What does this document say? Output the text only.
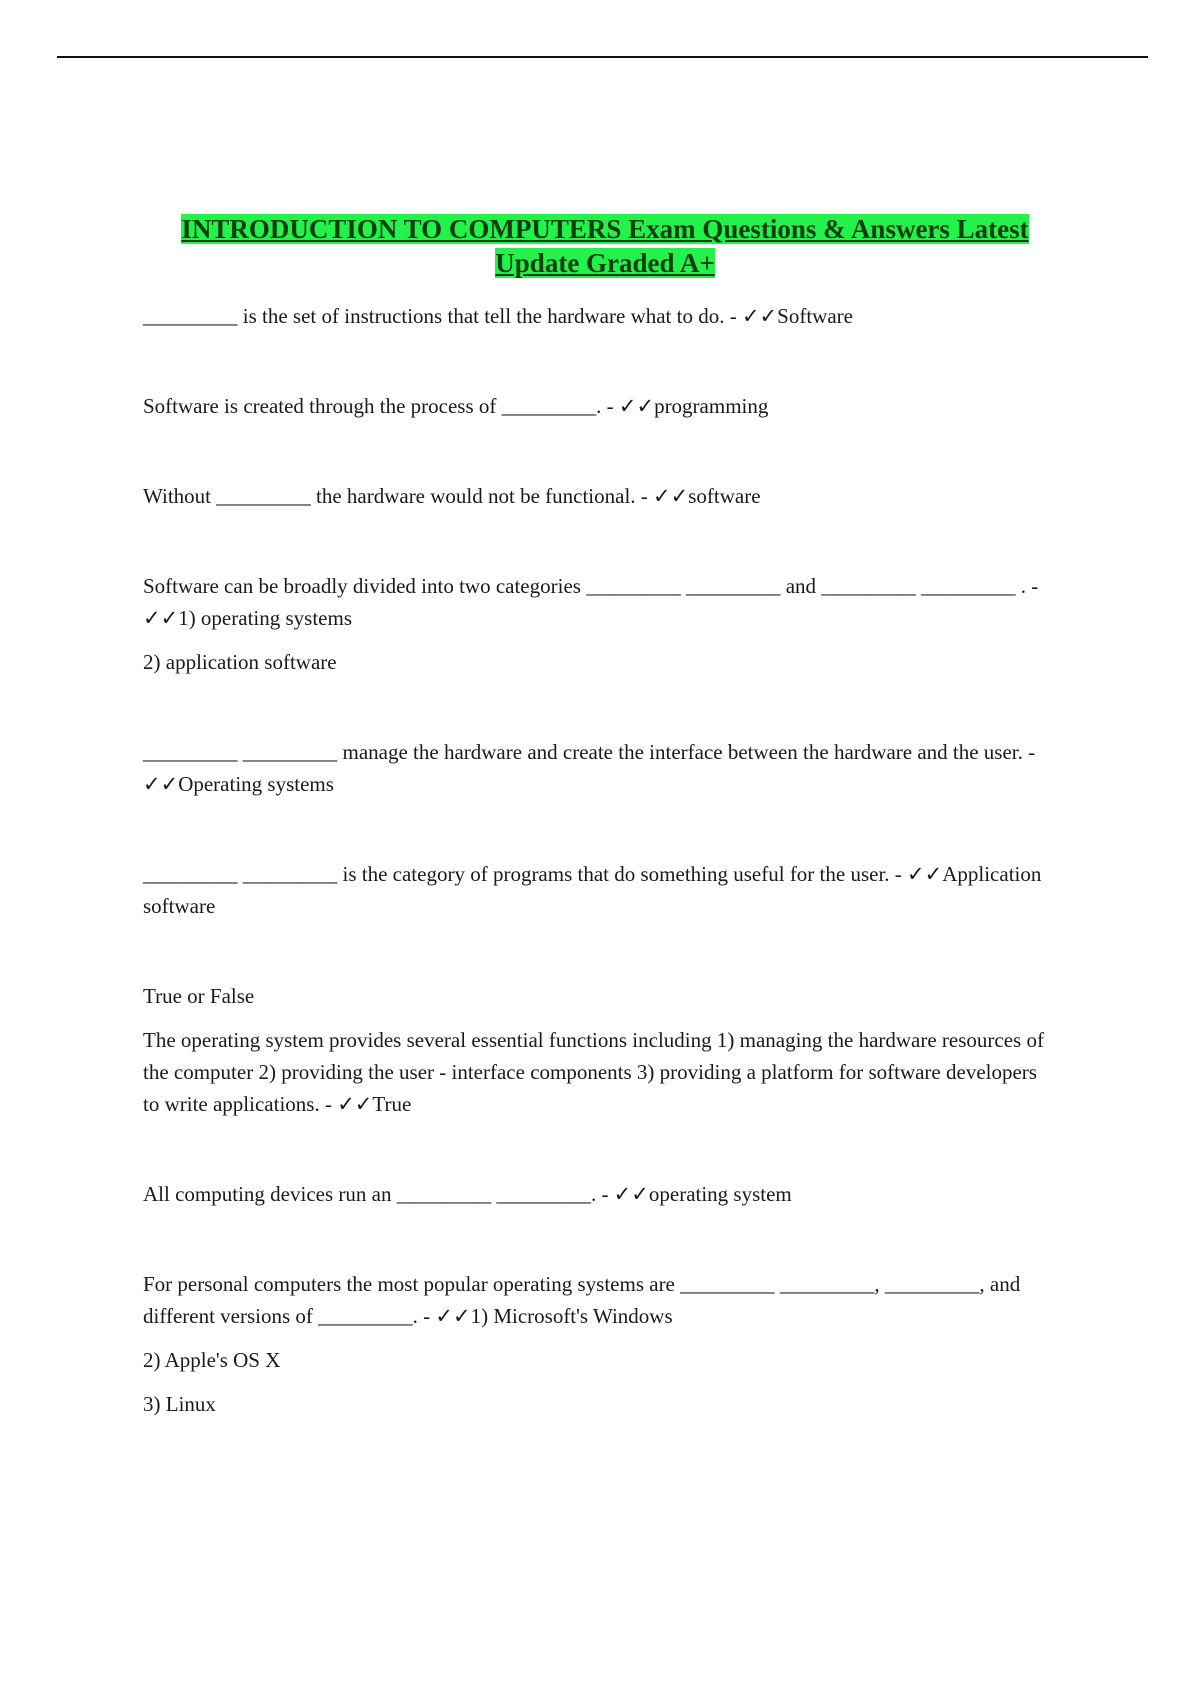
INTRODUCTION TO COMPUTERS Exam Questions & Answers Latest Update Graded A+

_________ is the set of instructions that tell the hardware what to do. - ✓✓Software

Software is created through the process of _________. - ✓✓programming

Without _________ the hardware would not be functional. - ✓✓software

Software can be broadly divided into two categories _________ _________ and _________ _________ . - ✓✓1) operating systems

2) application software

_________ _________ manage the hardware and create the interface between the hardware and the user. - ✓✓Operating systems

_________ _________ is the category of programs that do something useful for the user. - ✓✓Application software

True or False

The operating system provides several essential functions including 1) managing the hardware resources of the computer 2) providing the user - interface components 3) providing a platform for software developers to write applications. - ✓✓True

All computing devices run an _________ _________. - ✓✓operating system

For personal computers the most popular operating systems are _________ _________, _________, and different versions of _________. - ✓✓1) Microsoft's Windows

2) Apple's OS X

3) Linux
